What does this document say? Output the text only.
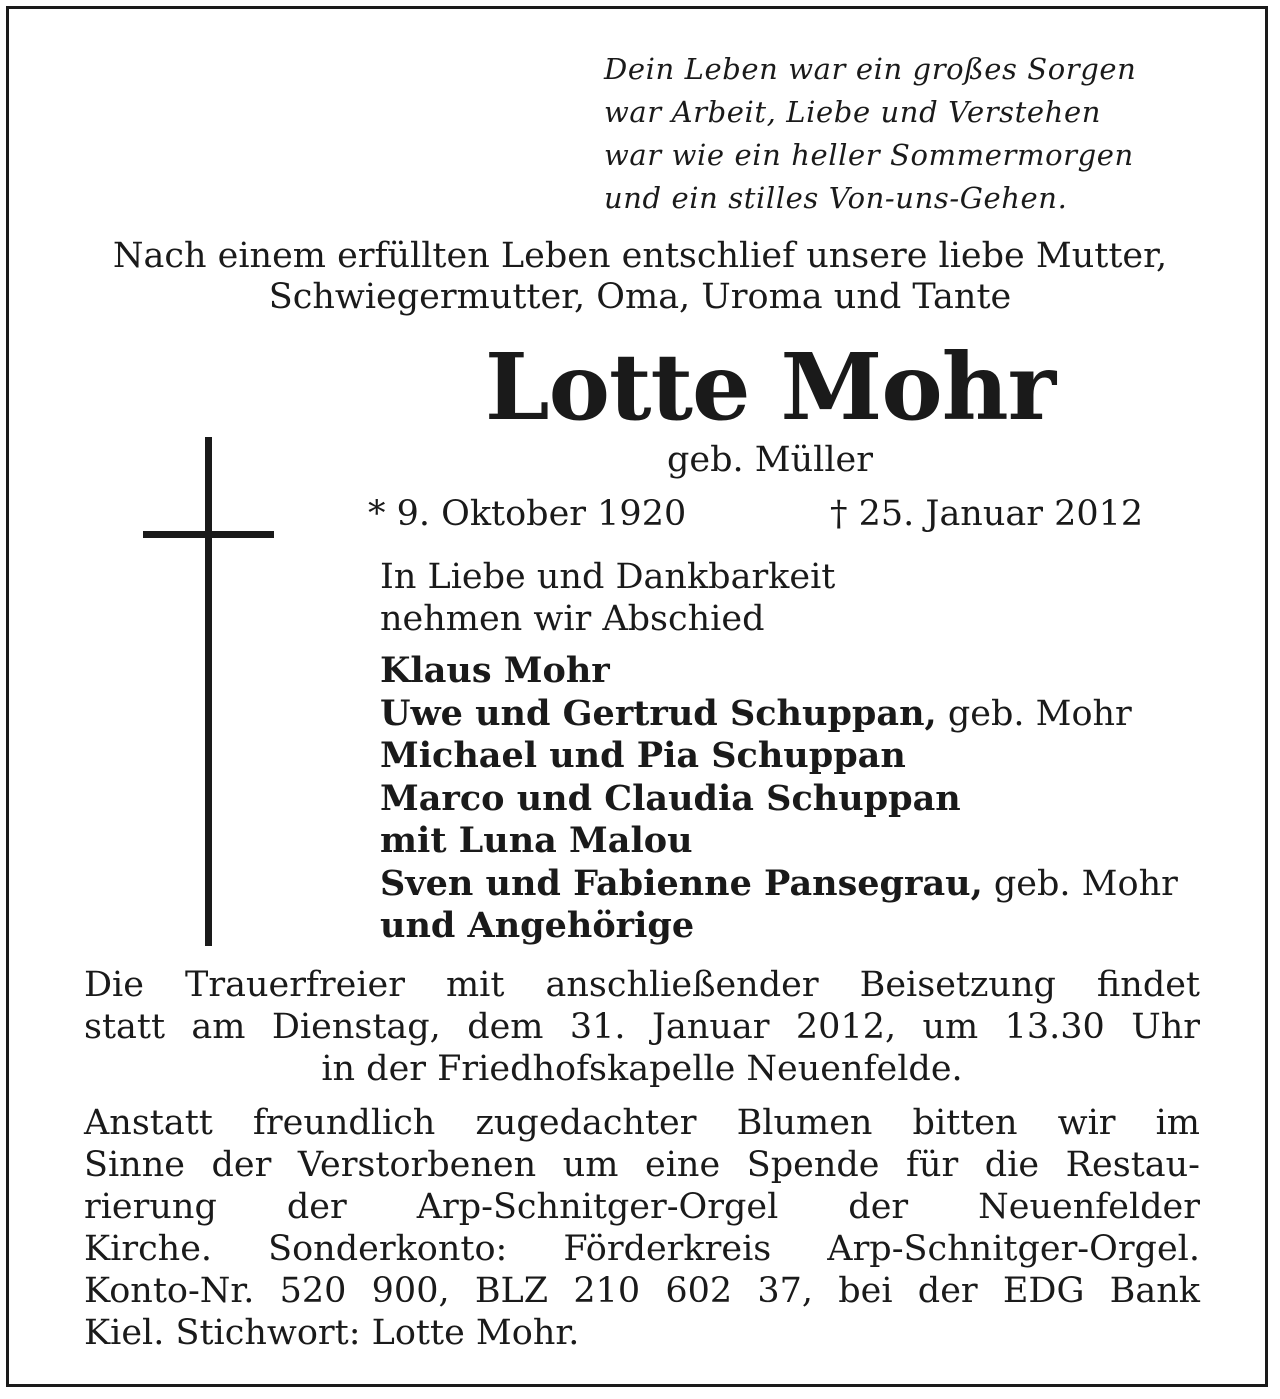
Dein Leben war ein großes Sorgen
war Arbeit, Liebe und Verstehen
war wie ein heller Sommermorgen
und ein stilles Von-uns-Gehen.
Nach einem erfüllten Leben entschlief unsere liebe Mutter,
Schwiegermutter, Oma, Uroma und Tante
Lotte Mohr
geb. Müller
* 9. Oktober 1920	† 25. Januar 2012
In Liebe und Dankbarkeit
nehmen wir Abschied
Klaus Mohr
Uwe und Gertrud Schuppan, geb. Mohr
Michael und Pia Schuppan
Marco und Claudia Schuppan
mit Luna Malou
Sven und Fabienne Pansegrau, geb. Mohr
und Angehörige
Die Trauerfreier mit anschließender Beisetzung findet
statt am Dienstag, dem 31. Januar 2012, um 13.30 Uhr
in der Friedhofskapelle Neuenfelde.
Anstatt freundlich zugedachter Blumen bitten wir im
Sinne der Verstorbenen um eine Spende für die Restau-
rierung der Arp-Schnitger-Orgel der Neuenfelder
Kirche. Sonderkonto: Förderkreis Arp-Schnitger-Orgel.
Konto-Nr. 520 900, BLZ 210 602 37, bei der EDG Bank
Kiel. Stichwort: Lotte Mohr.
